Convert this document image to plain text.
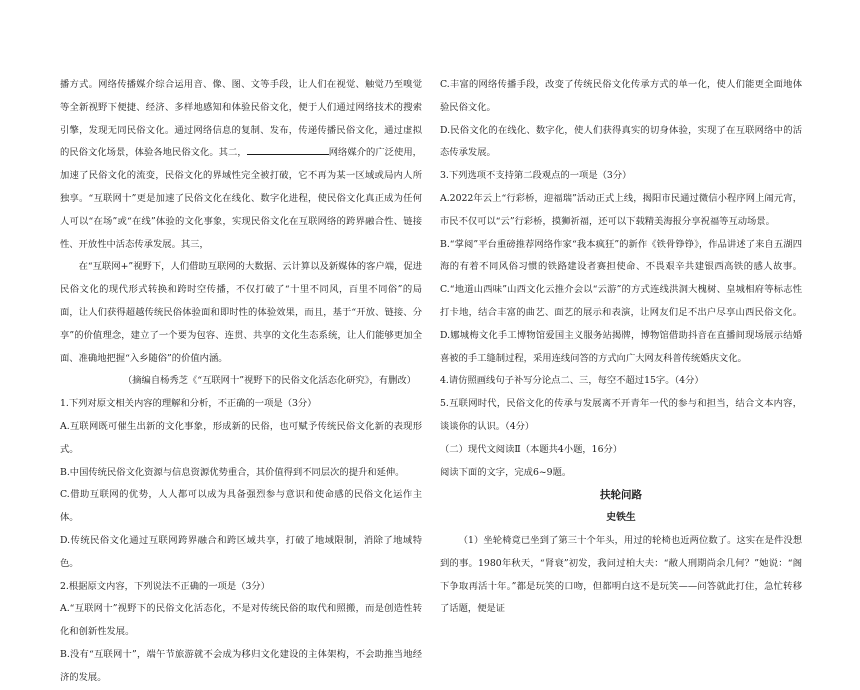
播方式。网络传播媒介综合运用音、像、图、文等手段，让人们在视觉、触觉乃至嗅觉等全新视野下便捷、经济、多样地感知和体验民俗文化，便于人们通过网络技术的搜索引擎，发现无同民俗文化。通过网络信息的复制、发布，传递传播民俗文化，通过虚拟的民俗文化场景，体验各地民俗文化。其二，	网络媒介的广泛使用，加速了民俗文化的流变，民俗文化的界域性完全被打破，它不再为某一区域或局内人所独享。“互联网十”更是加速了民俗文化在线化、数字化进程，使民俗文化真正成为任何人可以“在场”或“在线”体验的文化事象，实现民俗文化在互联网络的跨界融合性、链接性、开放性中活态传承发展。其三，

在“互联网+”视野下，人们借助互联网的大数据、云计算以及新媒体的客户端，促进民俗文化的现代形式转换和跨时空传播，不仅打破了“十里不同风，百里不同俗”的局面，让人们获得超越传统民俗体验面和即时性的体验效果，而且，基于“开放、链接、分享”的价值理念，建立了一个要为包容、连贯、共享的文化生态系统，让人们能够更加全面、准确地把握“入乡随俗”的价值内涵。

（摘编自杨秀芝《“互联网十”视野下的民俗文化活态化研究》，有删改）

1.下列对原文相关内容的理解和分析，不正确的一项是（3分）

A.互联网既可催生出新的文化事象，形成新的民俗，也可赋予传统民俗文化新的表现形式。

B.中国传统民俗文化资源与信息资源优势重合，其价值得到不同层次的提升和延伸。

C.借助互联网的优势，人人都可以成为具备强烈参与意识和使命感的民俗文化运作主体。

D.传统民俗文化通过互联网跨界融合和跨区域共享，打破了地域限制，消除了地域特色。

2.根据原文内容，下列说法不正确的一项是（3分）

A.“互联网十”视野下的民俗文化活态化，不是对传统民俗的取代和照搬，而是创造性转化和创新性发展。

B.没有“互联网十”，端午节旅游就不会成为移归文化建设的主体架构，不会助推当地经济的发展。

C.丰富的网络传播手段，改变了传统民俗文化传承方式的单一化，使人们能更全面地体验民俗文化。

D.民俗文化的在线化、数字化，使人们获得真实的切身体验，实现了在互联网络中的活态传承发展。

3.下列选项不支持第二段观点的一项是（3分）

A.2022年云上“行彩桥，迎福瑞”活动正式上线，揭阳市民通过微信小程序网上闹元宵，市民不仅可以“云”行彩桥，摸狮祈福，还可以下载精美海报分享祝福等互动场景。

B.“掌阅”平台重磅推荐网络作家“我本疯狂”的新作《铁骨铮铮》，作品讲述了来自五湖四海的有着不同风俗习惯的铁路建设者赛担使命、不畏艰辛共建银西高铁的感人故事。C.“地道山西味”山西文化云推介会以“云游”的方式连线洪洞大槐树、皇城相府等标志性打卡地，结合丰富的曲艺、面艺的展示和表演，让网友们足不出户尽享山西民俗文化。D.娜城梅文化手工博物馆爱国主义服务站揭牌，博物馆借助抖音在直播间现场展示结婚喜被的手工缝制过程，采用连线问答的方式向广大网友科普传统婚庆文化。

4.请仿照画线句子补写分论点二、三，每空不超过15字。（4分）

5.互联网时代，民俗文化的传承与发展离不开青年一代的参与和担当，结合文本内容，谈谈你的认识。（4分）

（二）现代文阅读Ⅱ（本题共4小题，16分）

阅读下面的文字，完成6~9题。

扶轮问路

史铁生

（1）坐轮椅竟已坐到了第三十个年头，用过的轮椅也近两位数了。这实在是件没想到的事。1980年秋天，“肾衰”初发，我问过柏大夫：“敝人刑期尚余几何？”她说：“阁下争取再活十年。”都是玩笑的口吻，但都明白这不是玩笑——问答就此打住，急忙转移了话题，便是证
